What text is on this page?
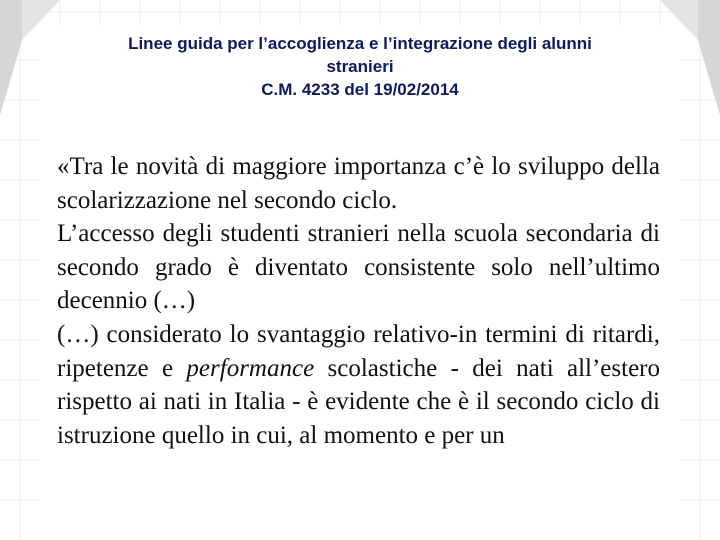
Linee guida per l’accoglienza e l’integrazione degli alunni
stranieri
C.M. 4233 del 19/02/2014

«Tra le novità di maggiore importanza c’è lo sviluppo della scolarizzazione nel secondo ciclo.

L’accesso degli studenti stranieri nella scuola secondaria di secondo grado è diventato consistente solo nell’ultimo decennio (…)

(…) considerato lo svantaggio relativo-in termini di ritardi, ripetenze e performance scolastiche - dei nati all’estero rispetto ai nati in Italia - è evidente che è il secondo ciclo di istruzione quello in cui, al momento e per un
